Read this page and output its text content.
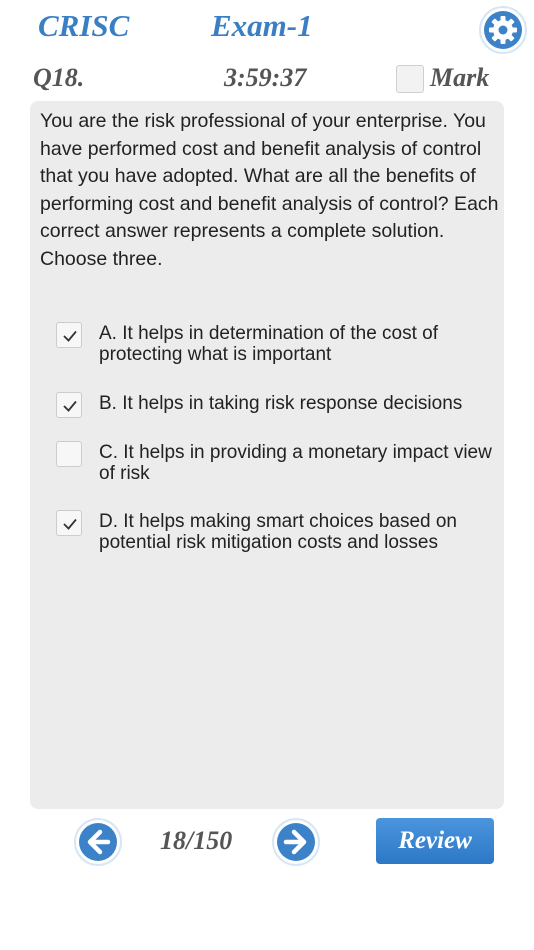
CRISC	Exam-1
Q18.	3:59:37	Mark
You are the risk professional of your enterprise. You have performed cost and benefit analysis of control that you have adopted. What are all the benefits of performing cost and benefit analysis of control? Each correct answer represents a complete solution. Choose three.
A. It helps in determination of the cost of protecting what is important
B. It helps in taking risk response decisions
C. It helps in providing a monetary impact view of risk
D. It helps making smart choices based on potential risk mitigation costs and losses
18/150	Review
